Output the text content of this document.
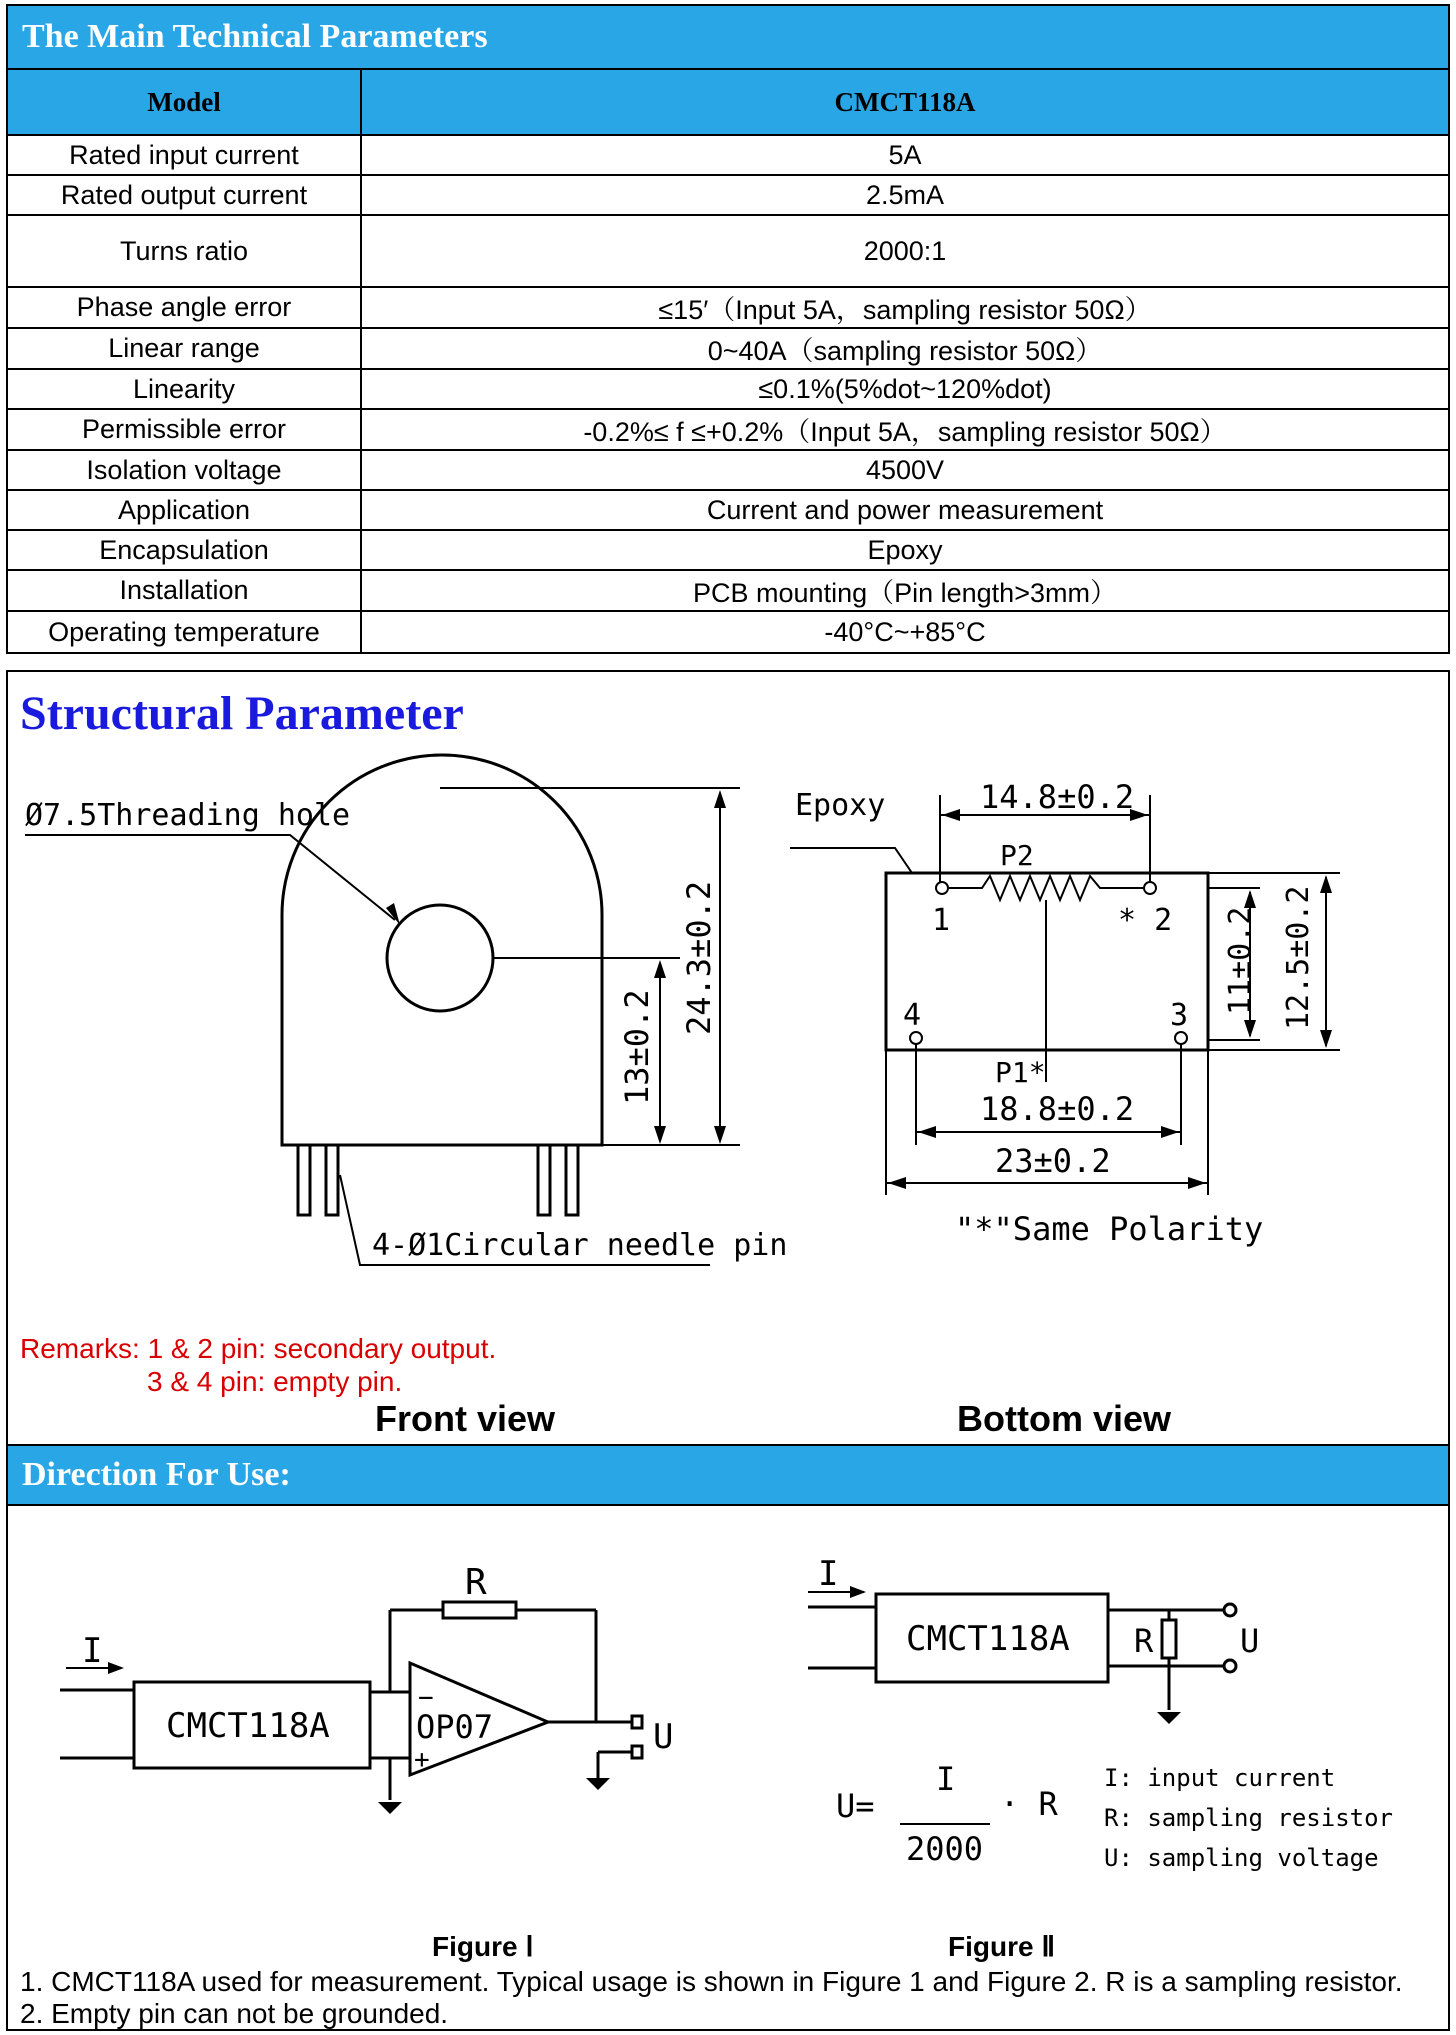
The Main Technical Parameters
Model	CMCT118A
Rated input current	5A
Rated output current	2.5mA
Turns ratio	2000:1
Phase angle error	≤15′（Input 5A，sampling resistor 50Ω）
Linear range	0~40A（sampling resistor 50Ω）
Linearity	≤0.1%(5%dot~120%dot)
Permissible error	-0.2%≤ f ≤+0.2%（Input 5A，sampling resistor 50Ω）
Isolation voltage	4500V
Application	Current and power measurement
Encapsulation	Epoxy
Installation	PCB mounting（Pin length>3mm）
Operating temperature	-40°C~+85°C
Structural Parameter
Ø7.5Threading hole
24.3±0.2
13±0.2
4-Ø1Circular needle pin
Epoxy	14.8±0.2
P2
1	* 2
4	3
P1*
18.8±0.2
23±0.2
11±0.2 12.5±0.2
"*"Same Polarity
Remarks: 1 & 2 pin: secondary output.
3 & 4 pin: empty pin.
Front view	Bottom view
Direction For Use:
I
R
CMCT118A	OP07
−
+
U
I
CMCT118A R	U
U=
I
2000
· R
I: input current
R: sampling resistor
U: sampling voltage
Figure Ⅰ	Figure Ⅱ
1. CMCT118A used for measurement. Typical usage is shown in Figure 1 and Figure 2. R is a sampling resistor.
2. Empty pin can not be grounded.
